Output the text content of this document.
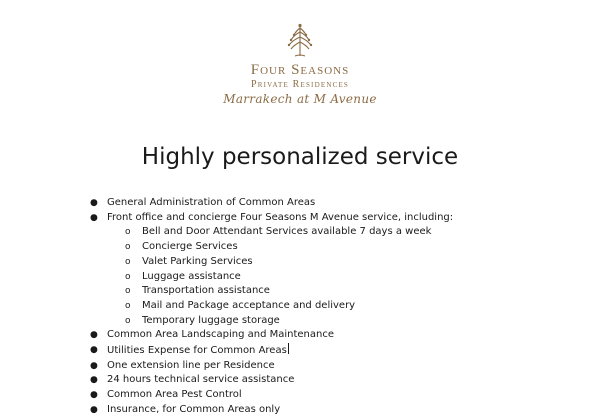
Four Seasons
Private Residences
Marrakech at M Avenue
Highly personalized service
● General Administration of Common Areas
● Front office and concierge Four Seasons M Avenue service, including:
o Bell and Door Attendant Services available 7 days a week
o Concierge Services
o Valet Parking Services
o Luggage assistance
o Transportation assistance
o Mail and Package acceptance and delivery
o Temporary luggage storage
● Common Area Landscaping and Maintenance
● Utilities Expense for Common Areas
● One extension line per Residence
● 24 hours technical service assistance
● Common Area Pest Control
● Insurance, for Common Areas only
